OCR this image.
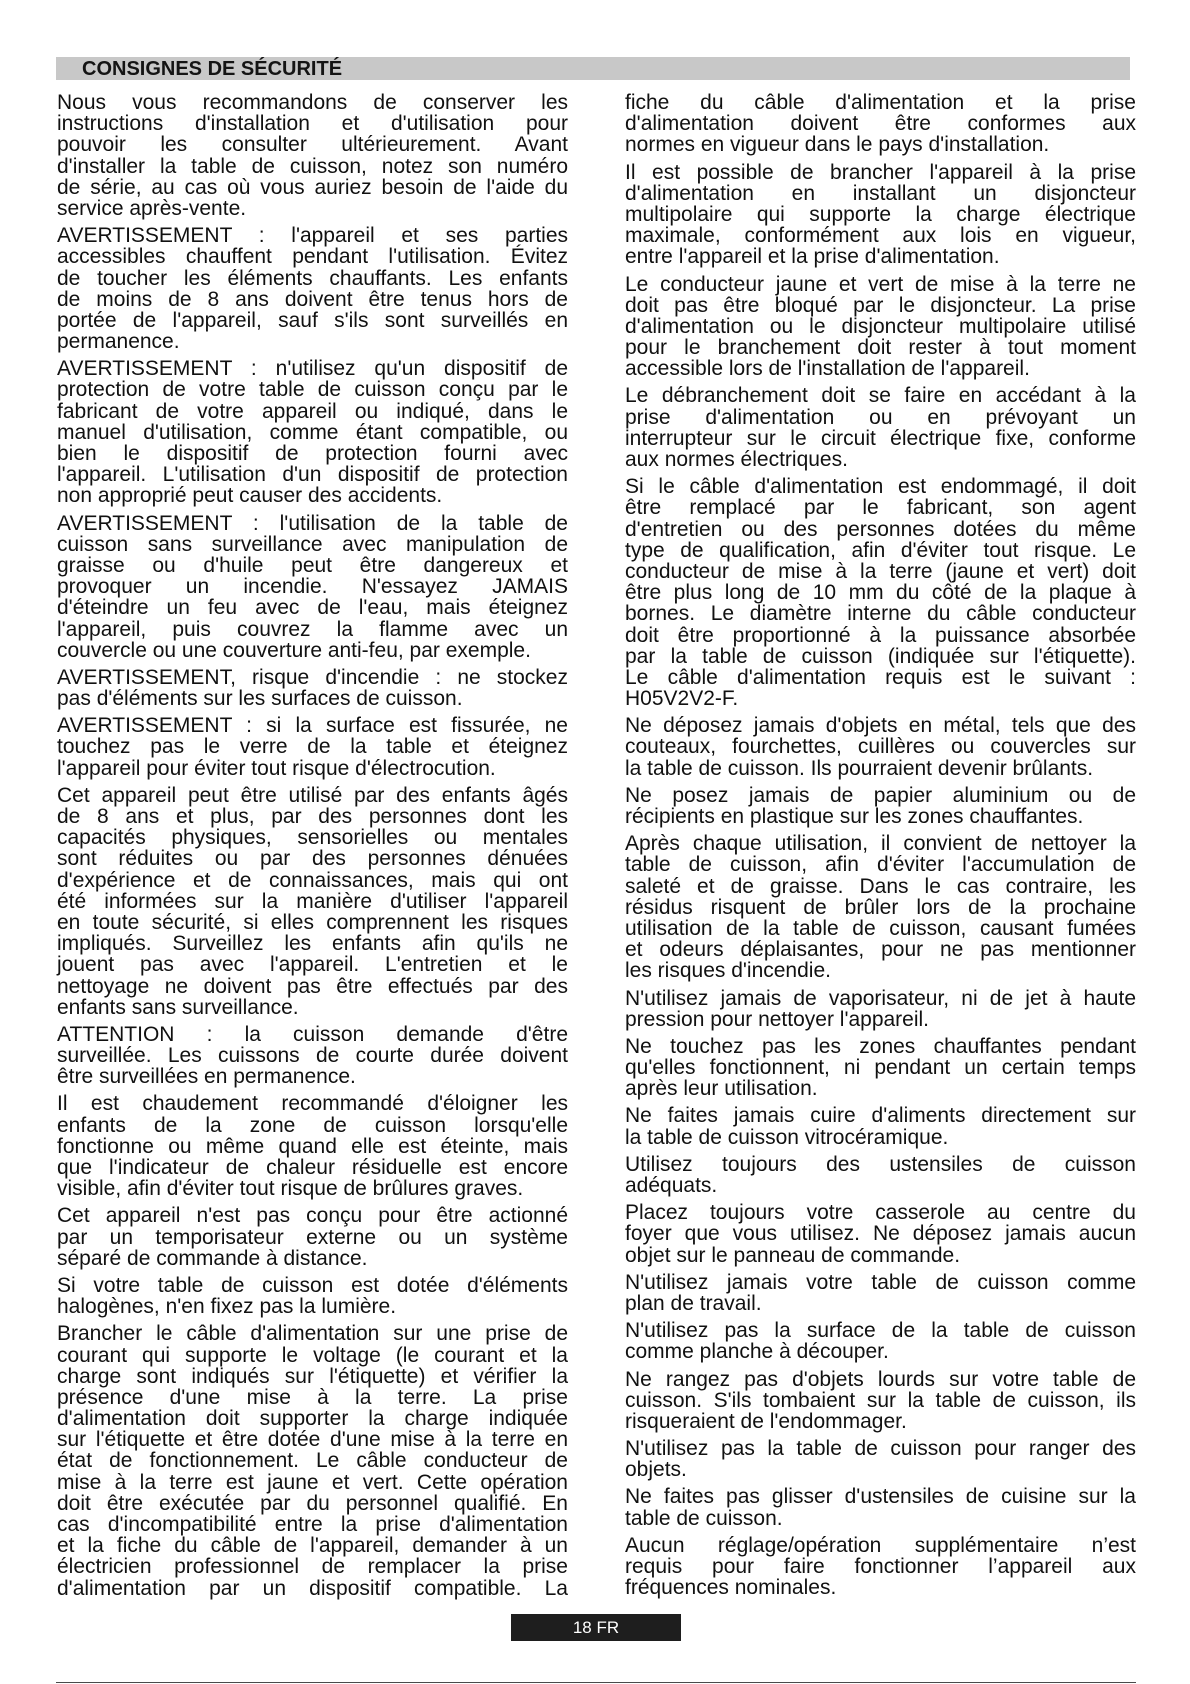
CONSIGNES DE SÉCURITÉ
Nous vous recommandons de conserver les
instructions d'installation et d'utilisation pour
pouvoir les consulter ultérieurement. Avant
d'installer la table de cuisson, notez son numéro
de série, au cas où vous auriez besoin de l'aide du
service après-vente.
AVERTISSEMENT : l'appareil et ses parties
accessibles chauffent pendant l'utilisation. Évitez
de toucher les éléments chauffants. Les enfants
de moins de 8 ans doivent être tenus hors de
portée de l'appareil, sauf s'ils sont surveillés en
permanence.
AVERTISSEMENT : n'utilisez qu'un dispositif de
protection de votre table de cuisson conçu par le
fabricant de votre appareil ou indiqué, dans le
manuel d'utilisation, comme étant compatible, ou
bien le dispositif de protection fourni avec
l'appareil. L'utilisation d'un dispositif de protection
non approprié peut causer des accidents.
AVERTISSEMENT : l'utilisation de la table de
cuisson sans surveillance avec manipulation de
graisse ou d'huile peut être dangereux et
provoquer un incendie. N'essayez JAMAIS
d'éteindre un feu avec de l'eau, mais éteignez
l'appareil, puis couvrez la flamme avec un
couvercle ou une couverture anti-feu, par exemple.
AVERTISSEMENT, risque d'incendie : ne stockez
pas d'éléments sur les surfaces de cuisson.
AVERTISSEMENT : si la surface est fissurée, ne
touchez pas le verre de la table et éteignez
l'appareil pour éviter tout risque d'électrocution.
Cet appareil peut être utilisé par des enfants âgés
de 8 ans et plus, par des personnes dont les
capacités physiques, sensorielles ou mentales
sont réduites ou par des personnes dénuées
d'expérience et de connaissances, mais qui ont
été informées sur la manière d'utiliser l'appareil
en toute sécurité, si elles comprennent les risques
impliqués. Surveillez les enfants afin qu'ils ne
jouent pas avec l'appareil. L'entretien et le
nettoyage ne doivent pas être effectués par des
enfants sans surveillance.
ATTENTION : la cuisson demande d'être
surveillée. Les cuissons de courte durée doivent
être surveillées en permanence.
Il est chaudement recommandé d'éloigner les
enfants de la zone de cuisson lorsqu'elle
fonctionne ou même quand elle est éteinte, mais
que l'indicateur de chaleur résiduelle est encore
visible, afin d'éviter tout risque de brûlures graves.
Cet appareil n'est pas conçu pour être actionné
par un temporisateur externe ou un système
séparé de commande à distance.
Si votre table de cuisson est dotée d'éléments
halogènes, n'en fixez pas la lumière.
Brancher le câble d'alimentation sur une prise de
courant qui supporte le voltage (le courant et la
charge sont indiqués sur l'étiquette) et vérifier la
présence d'une mise à la terre. La prise
d'alimentation doit supporter la charge indiquée
sur l'étiquette et être dotée d'une mise à la terre en
état de fonctionnement. Le câble conducteur de
mise à la terre est jaune et vert. Cette opération
doit être exécutée par du personnel qualifié. En
cas d'incompatibilité entre la prise d'alimentation
et la fiche du câble de l'appareil, demander à un
électricien professionnel de remplacer la prise
d'alimentation par un dispositif compatible. La
fiche du câble d'alimentation et la prise
d'alimentation doivent être conformes aux
normes en vigueur dans le pays d'installation.
Il est possible de brancher l'appareil à la prise
d'alimentation en installant un disjoncteur
multipolaire qui supporte la charge électrique
maximale, conformément aux lois en vigueur,
entre l'appareil et la prise d'alimentation.
Le conducteur jaune et vert de mise à la terre ne
doit pas être bloqué par le disjoncteur. La prise
d'alimentation ou le disjoncteur multipolaire utilisé
pour le branchement doit rester à tout moment
accessible lors de l'installation de l'appareil.
Le débranchement doit se faire en accédant à la
prise d'alimentation ou en prévoyant un
interrupteur sur le circuit électrique fixe, conforme
aux normes électriques.
Si le câble d'alimentation est endommagé, il doit
être remplacé par le fabricant, son agent
d'entretien ou des personnes dotées du même
type de qualification, afin d'éviter tout risque. Le
conducteur de mise à la terre (jaune et vert) doit
être plus long de 10 mm du côté de la plaque à
bornes. Le diamètre interne du câble conducteur
doit être proportionné à la puissance absorbée
par la table de cuisson (indiquée sur l'étiquette).
Le câble d'alimentation requis est le suivant :
H05V2V2-F.
Ne déposez jamais d'objets en métal, tels que des
couteaux, fourchettes, cuillères ou couvercles sur
la table de cuisson. Ils pourraient devenir brûlants.
Ne posez jamais de papier aluminium ou de
récipients en plastique sur les zones chauffantes.
Après chaque utilisation, il convient de nettoyer la
table de cuisson, afin d'éviter l'accumulation de
saleté et de graisse. Dans le cas contraire, les
résidus risquent de brûler lors de la prochaine
utilisation de la table de cuisson, causant fumées
et odeurs déplaisantes, pour ne pas mentionner
les risques d'incendie.
N'utilisez jamais de vaporisateur, ni de jet à haute
pression pour nettoyer l'appareil.
Ne touchez pas les zones chauffantes pendant
qu'elles fonctionnent, ni pendant un certain temps
après leur utilisation.
Ne faites jamais cuire d'aliments directement sur
la table de cuisson vitrocéramique.
Utilisez toujours des ustensiles de cuisson
adéquats.
Placez toujours votre casserole au centre du
foyer que vous utilisez. Ne déposez jamais aucun
objet sur le panneau de commande.
N'utilisez jamais votre table de cuisson comme
plan de travail.
N'utilisez pas la surface de la table de cuisson
comme planche à découper.
Ne rangez pas d'objets lourds sur votre table de
cuisson. S'ils tombaient sur la table de cuisson, ils
risqueraient de l'endommager.
N'utilisez pas la table de cuisson pour ranger des
objets.
Ne faites pas glisser d'ustensiles de cuisine sur la
table de cuisson.
Aucun réglage/opération supplémentaire n’est
requis pour faire fonctionner l’appareil aux
fréquences nominales.
18 FR
